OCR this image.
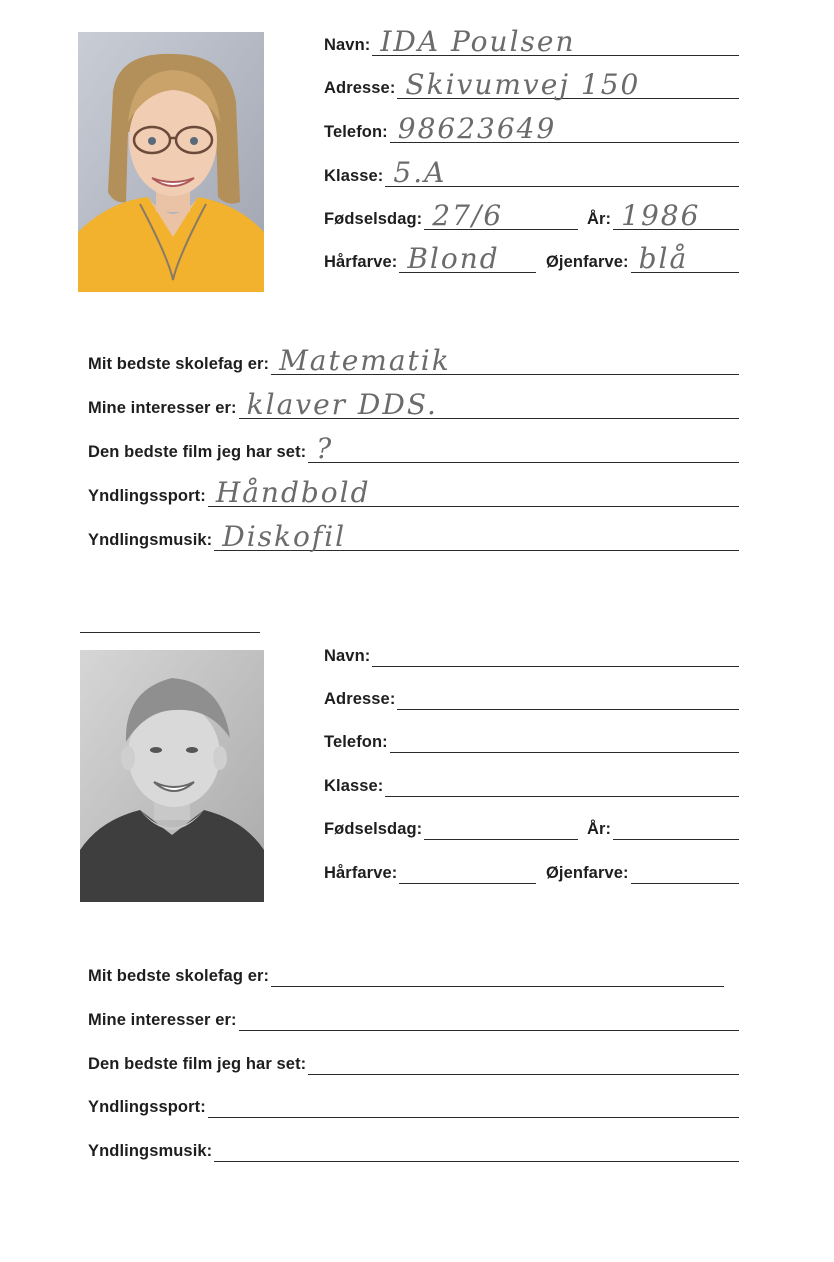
Navn: IDA Poulsen
Adresse: Skivumvej 150
Telefon: 98623649
Klasse: 5.A
Fødselsdag: 27/6	År: 1986
Hårfarve: Blond	Øjenfarve: blå
Mit bedste skolefag er: Matematik
Mine interesser er: klaver DDS.
Den bedste film jeg har set: ?
Yndlingssport: Håndbold
Yndlingsmusik: Diskofil
Navn:
Adresse:
Telefon:
Klasse:
Fødselsdag:	År:
Hårfarve:	Øjenfarve:
Mit bedste skolefag er:
Mine interesser er:
Den bedste film jeg har set:
Yndlingssport:
Yndlingsmusik:
